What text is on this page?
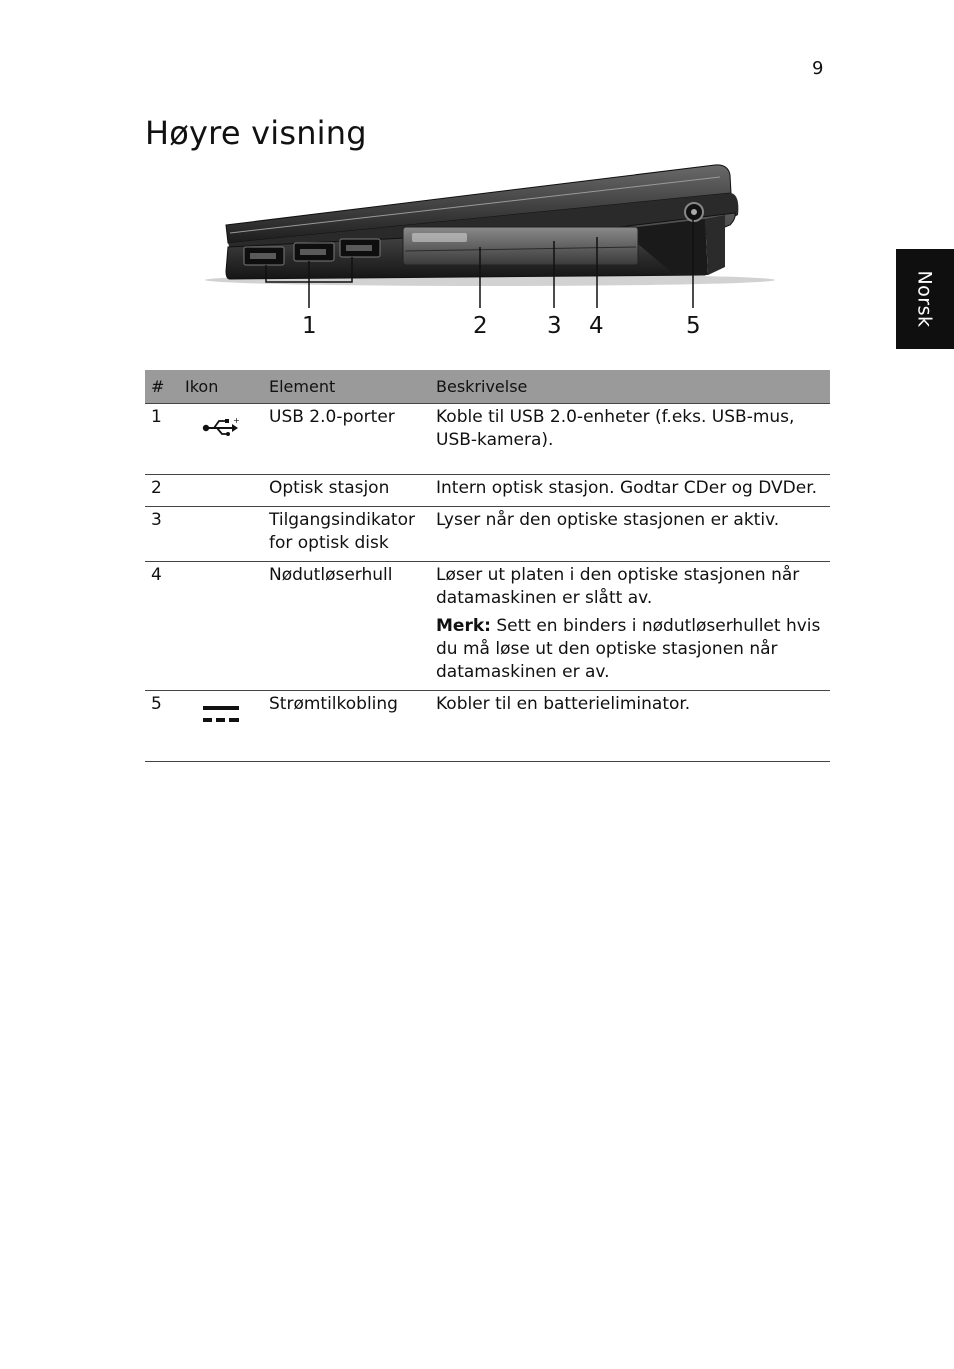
9
Høyre visning
Norsk
1	2	3 4	5
#	Ikon	Element	Beskrivelse
1	+	USB 2.0-porter	Koble til USB 2.0-enheter (f.eks. USB-mus, USB-kamera).

2		Optisk stasjon	Intern optisk stasjon. Godtar CDer og DVDer.

3		Tilgangsindikator for optisk disk	Lyser når den optiske stasjonen er aktiv.

4		Nødutløserhull	Løser ut platen i den optiske stasjonen når datamaskinen er slått av.

Merk: Sett en binders i nødutløserhullet hvis du må løse ut den optiske stasjonen når datamaskinen er av.

5		Strømtilkobling	Kobler til en batterieliminator.
